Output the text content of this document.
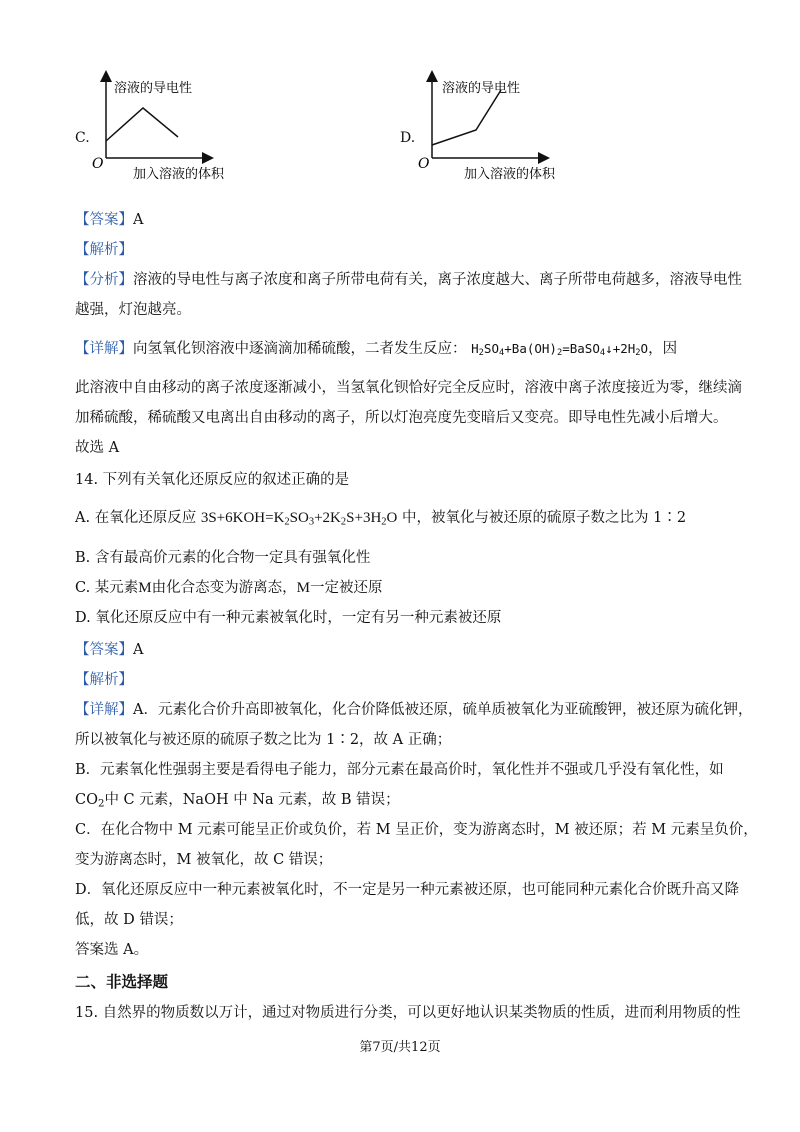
C.
溶液的导电性
O
加入溶液的体积
D.
溶液的导电性
O
加入溶液的体积
【答案】A
【解析】
【分析】溶液的导电性与离子浓度和离子所带电荷有关，离子浓度越大、离子所带电荷越多，溶液导电性
越强，灯泡越亮。
【详解】向氢氧化钡溶液中逐滴滴加稀硫酸，二者发生反应： $H_2SO_4+Ba(OH)_2=BaSO_4↓+2H_2O$，因
此溶液中自由移动的离子浓度逐渐减小，当氢氧化钡恰好完全反应时，溶液中离子浓度接近为零，继续滴
加稀硫酸，稀硫酸又电离出自由移动的离子，所以灯泡亮度先变暗后又变亮。即导电性先减小后增大。
故选 A
14. 下列有关氧化还原反应的叙述正确的是
A. 在氧化还原反应 $3S+6KOH=K_2SO_3+2K_2S+3H_2O$ 中，被氧化与被还原的硫原子数之比为 1∶2
B. 含有最高价元素的化合物一定具有强氧化性
C. 某元素M由化合态变为游离态，M一定被还原
D. 氧化还原反应中有一种元素被氧化时，一定有另一种元素被还原
【答案】A
【解析】
【详解】A．元素化合价升高即被氧化，化合价降低被还原，硫单质被氧化为亚硫酸钾，被还原为硫化钾，
所以被氧化与被还原的硫原子数之比为 1∶2，故 A 正确；
B．元素氧化性强弱主要是看得电子能力，部分元素在最高价时，氧化性并不强或几乎没有氧化性，如
$CO_2$中 C 元素，NaOH 中 Na 元素，故 B 错误；
C．在化合物中 M 元素可能呈正价或负价，若 M 呈正价，变为游离态时，M 被还原；若 M 元素呈负价，
变为游离态时，M 被氧化，故 C 错误；
D．氧化还原反应中一种元素被氧化时，不一定是另一种元素被还原，也可能同种元素化合价既升高又降
低，故 D 错误；
答案选 A。
二、非选择题
15. 自然界的物质数以万计，通过对物质进行分类，可以更好地认识某类物质的性质，进而利用物质的性
第7页/共12页
